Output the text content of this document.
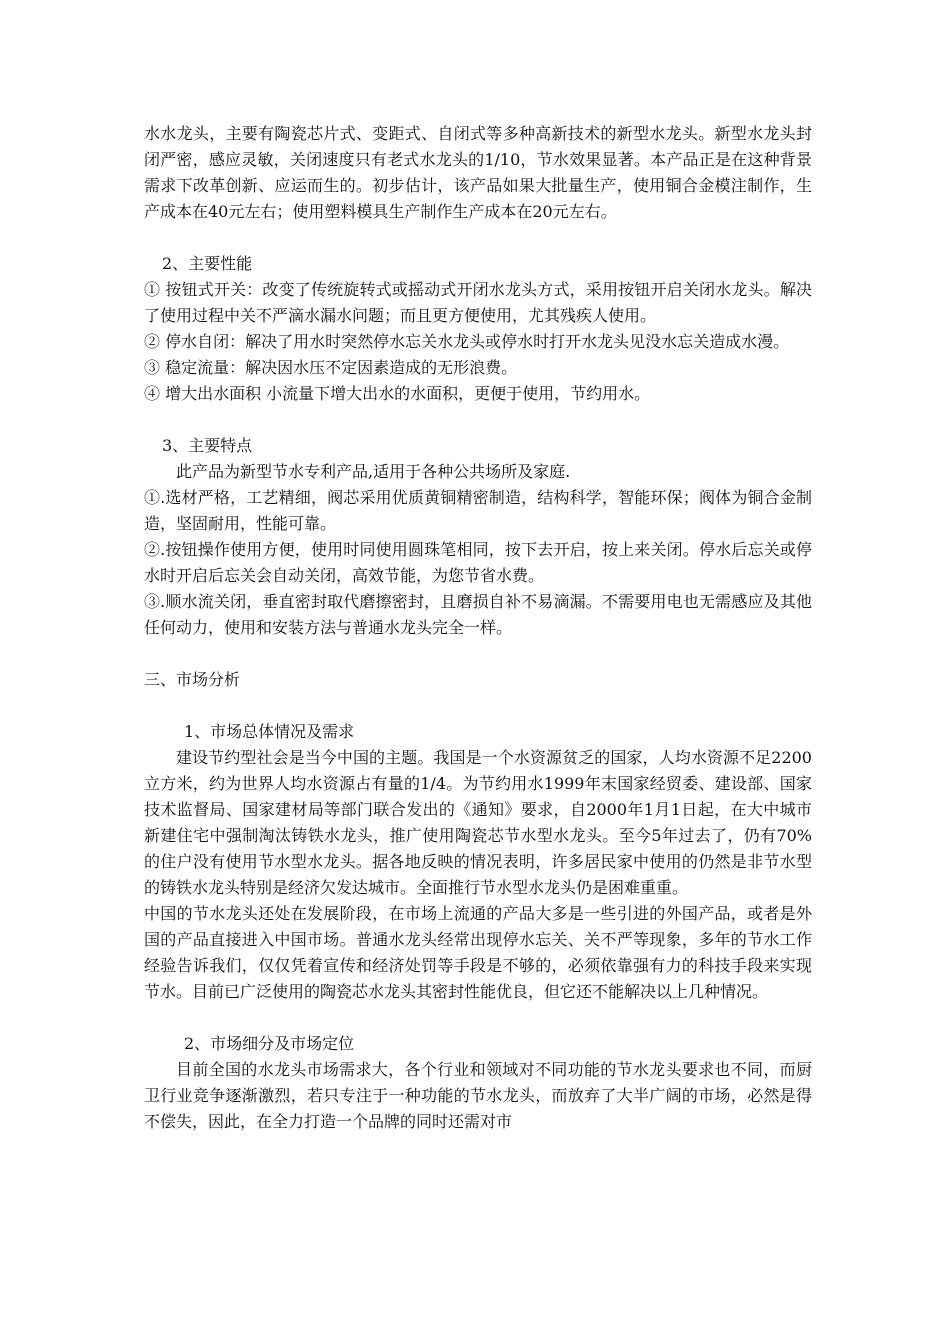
水水龙头，主要有陶瓷芯片式、变距式、自闭式等多种高新技术的新型水龙头。新型水龙头封闭严密，感应灵敏，关闭速度只有老式水龙头的1/10，节水效果显著。本产品正是在这种背景需求下改革创新、应运而生的。初步估计，该产品如果大批量生产，使用铜合金模注制作，生产成本在40元左右；使用塑料模具生产制作生产成本在20元左右。

2、主要性能

① 按钮式开关：改变了传统旋转式或摇动式开闭水龙头方式，采用按钮开启关闭水龙头。解决了使用过程中关不严滴水漏水问题；而且更方便使用，尤其残疾人使用。

② 停水自闭：解决了用水时突然停水忘关水龙头或停水时打开水龙头见没水忘关造成水漫。

③ 稳定流量：解决因水压不定因素造成的无形浪费。

④ 增大出水面积 小流量下增大出水的水面积，更便于使用，节约用水。

3、主要特点

此产品为新型节水专利产品,适用于各种公共场所及家庭.

①.选材严格，工艺精细，阀芯采用优质黄铜精密制造，结构科学，智能环保；阀体为铜合金制造，坚固耐用，性能可靠。

②.按钮操作使用方便，使用时同使用圆珠笔相同，按下去开启，按上来关闭。停水后忘关或停水时开启后忘关会自动关闭，高效节能，为您节省水费。

③.顺水流关闭，垂直密封取代磨擦密封，且磨损自补不易滴漏。不需要用电也无需感应及其他任何动力，使用和安装方法与普通水龙头完全一样。

三、市场分析

1、市场总体情况及需求

建设节约型社会是当今中国的主题。我国是一个水资源贫乏的国家，人均水资源不足2200立方米，约为世界人均水资源占有量的1/4。为节约用水1999年末国家经贸委、建设部、国家技术监督局、国家建材局等部门联合发出的《通知》要求，自2000年1月1日起，在大中城市新建住宅中强制淘汰铸铁水龙头，推广使用陶瓷芯节水型水龙头。至今5年过去了，仍有70%的住户没有使用节水型水龙头。据各地反映的情况表明，许多居民家中使用的仍然是非节水型的铸铁水龙头特别是经济欠发达城市。全面推行节水型水龙头仍是困难重重。

中国的节水龙头还处在发展阶段，在市场上流通的产品大多是一些引进的外国产品，或者是外国的产品直接进入中国市场。普通水龙头经常出现停水忘关、关不严等现象，多年的节水工作经验告诉我们，仅仅凭着宣传和经济处罚等手段是不够的，必须依靠强有力的科技手段来实现节水。目前已广泛使用的陶瓷芯水龙头其密封性能优良，但它还不能解决以上几种情况。

2、市场细分及市场定位

目前全国的水龙头市场需求大，各个行业和领域对不同功能的节水龙头要求也不同，而厨卫行业竞争逐渐激烈，若只专注于一种功能的节水龙头，而放弃了大半广阔的市场，必然是得不偿失，因此，在全力打造一个品牌的同时还需对市
